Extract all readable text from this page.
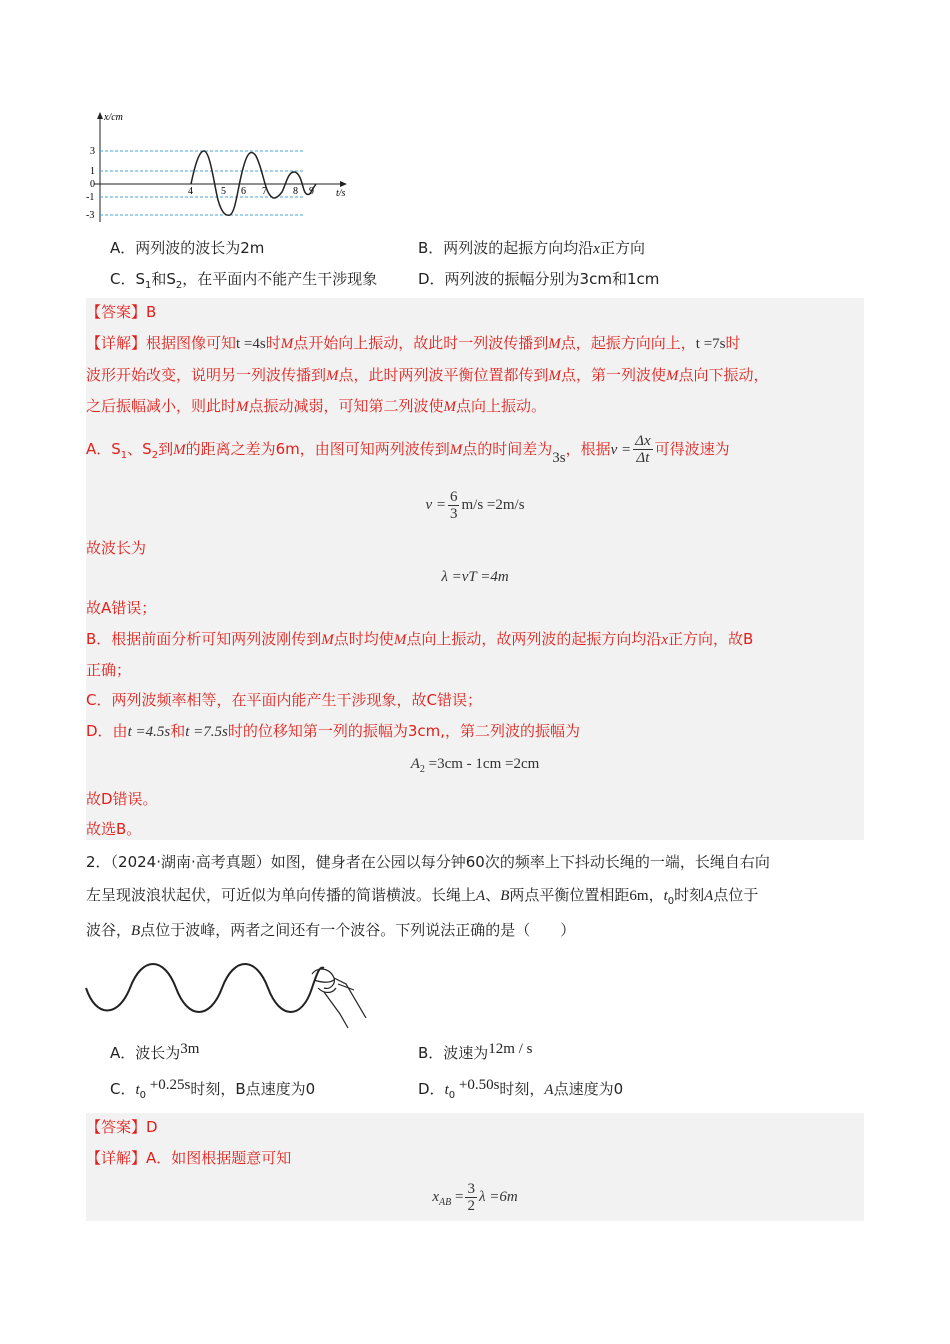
x/cm
t/s
3
1
0
-1
-3
4	5 6 7	8 9
A．两列波的波长为2m	B．两列波的起振方向均沿x正方向
C．$S_1$和$S_2$，在平面内不能产生干涉现象	D．两列波的振幅分别为3cm和1cm
【答案】B
【详解】根据图像可知t =4s时M点开始向上振动，故此时一列波传播到M点，起振方向向上，t =7s时
波形开始改变，说明另一列波传播到M点，此时两列波平衡位置都传到M点，第一列波使M点向下振动，
之后振幅减小，则此时M点振动减弱，可知第二列波使M点向上振动。
A．$S_1$、$S_2$到M的距离之差为6m，由图可知两列波传到M点的时间差为3s，根据$v = \frac{\Delta x}{\Delta t}$ 可得波速为
$v = \frac{6}{3} m/s =2m/s$
故波长为
λ =vT =4m
故A错误；
B．根据前面分析可知两列波刚传到M点时均使M点向上振动，故两列波的起振方向均沿x正方向，故B
正确；
C．两列波频率相等，在平面内能产生干涉现象，故C错误；
D．由t =4.5s和t =7.5s时的位移知第一列的振幅为3cm,，第二列波的振幅为
$A_2 =3cm - 1cm =2cm$
故D错误。
故选B。
2．（2024·湖南·高考真题）如图，健身者在公园以每分钟60次的频率上下抖动长绳的一端，长绳自右向
左呈现波浪状起伏，可近似为单向传播的简谐横波。长绳上A、B两点平衡位置相距6m，$t_0$时刻A点位于
波谷，B点位于波峰，两者之间还有一个波谷。下列说法正确的是（　　）
A．波长为3m	B．波速为12m / s
C．$t_0 +0.25s$时刻，B点速度为0	D．$t_0 +0.50s$时刻，A点速度为0
【答案】D
【详解】A．如图根据题意可知
$x_{AB} = \frac{3}{2}$ λ =6m
